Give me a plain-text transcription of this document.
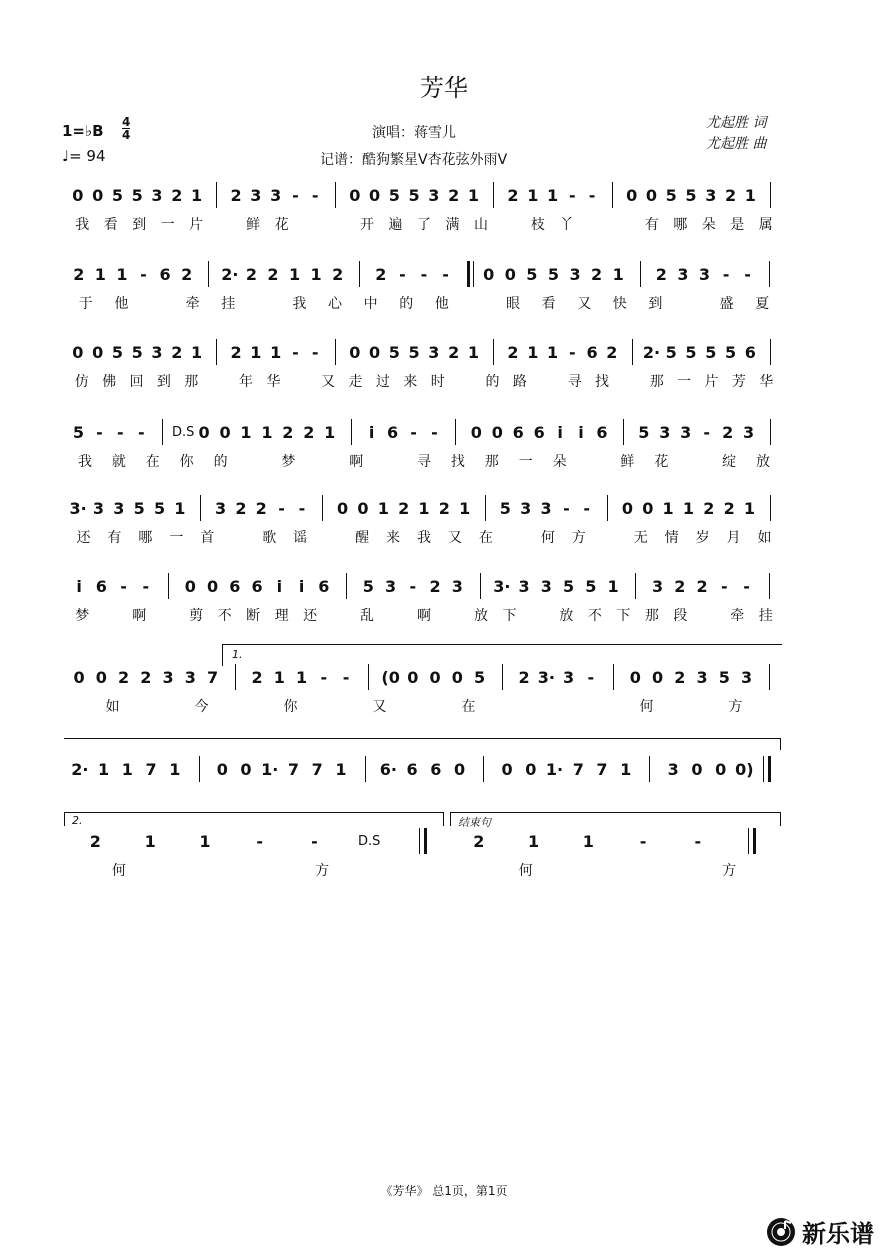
芳华
1=♭B 4
4
♩= 94
演唱：蒋雪儿
记谱：酷狗繁星V杏花弦外雨V
尤起胜 词
尤起胜 曲
0 0 5 5 3 2 1 2 3 3 - - 0 0 5 5 3 2 1 2 1 1 - - 0 0 5 5 3 2 1
我 看 到 一 片	鲜 花	开 遍 了 满 山	枝 丫	有 哪 朵 是 属
2 1 1 - 6 2 2· 2 2 1 1 2 2 - - - 0 0 5 5 3 2 1 2 3 3 - -
于 他	牵 挂	我 心 中 的 他	眼 看 又 快 到	盛 夏
0 0 5 5 3 2 1 2 1 1 - - 0 0 5 5 3 2 1 2 1 1 - 6 2 2· 5 5 5 5 6
仿 佛 回 到 那	年 华	又 走 过 来 时	的 路	寻 找	那 一 片 芳 华
5 - - - D.S 0 0 1 1 2 2 1 i 6 - - 0 0 6 6 i i 6 5 3 3 - 2 3
我 就 在 你 的	梦	啊	寻 找 那 一 朵	鲜 花	绽 放
3· 3 3 5 5 1 3 2 2 - - 0 0 1 2 1 2 1 5 3 3 - - 0 0 1 1 2 2 1
还 有 哪 一 首	歌 谣	醒 来 我 又 在	何 方	无 情 岁 月 如
i 6 - - 0 0 6 6 i i 6 5 3 - 2 3 3· 3 3 5 5 1 3 2 2 - -
梦	啊	剪 不 断 理 还	乱	啊	放 下	放 不 下 那 段	牵 挂
0 0 2 2 3 3 7 2 1 1 - - (0 0 0 0 5 2 3· 3 - 0 0 2 3 5 3
如	今	你	又	在	何	方
2· 1 1 7 1 0 0 1· 7 7 1 6· 6 6 0 0 0 1· 7 7 1 3 0 0 0)
2	1	1	-	-	D.S	2	1	1	-	-
何	方	何	方
1.
2.	结束句
《芳华》 总1页，第1页
新乐谱
